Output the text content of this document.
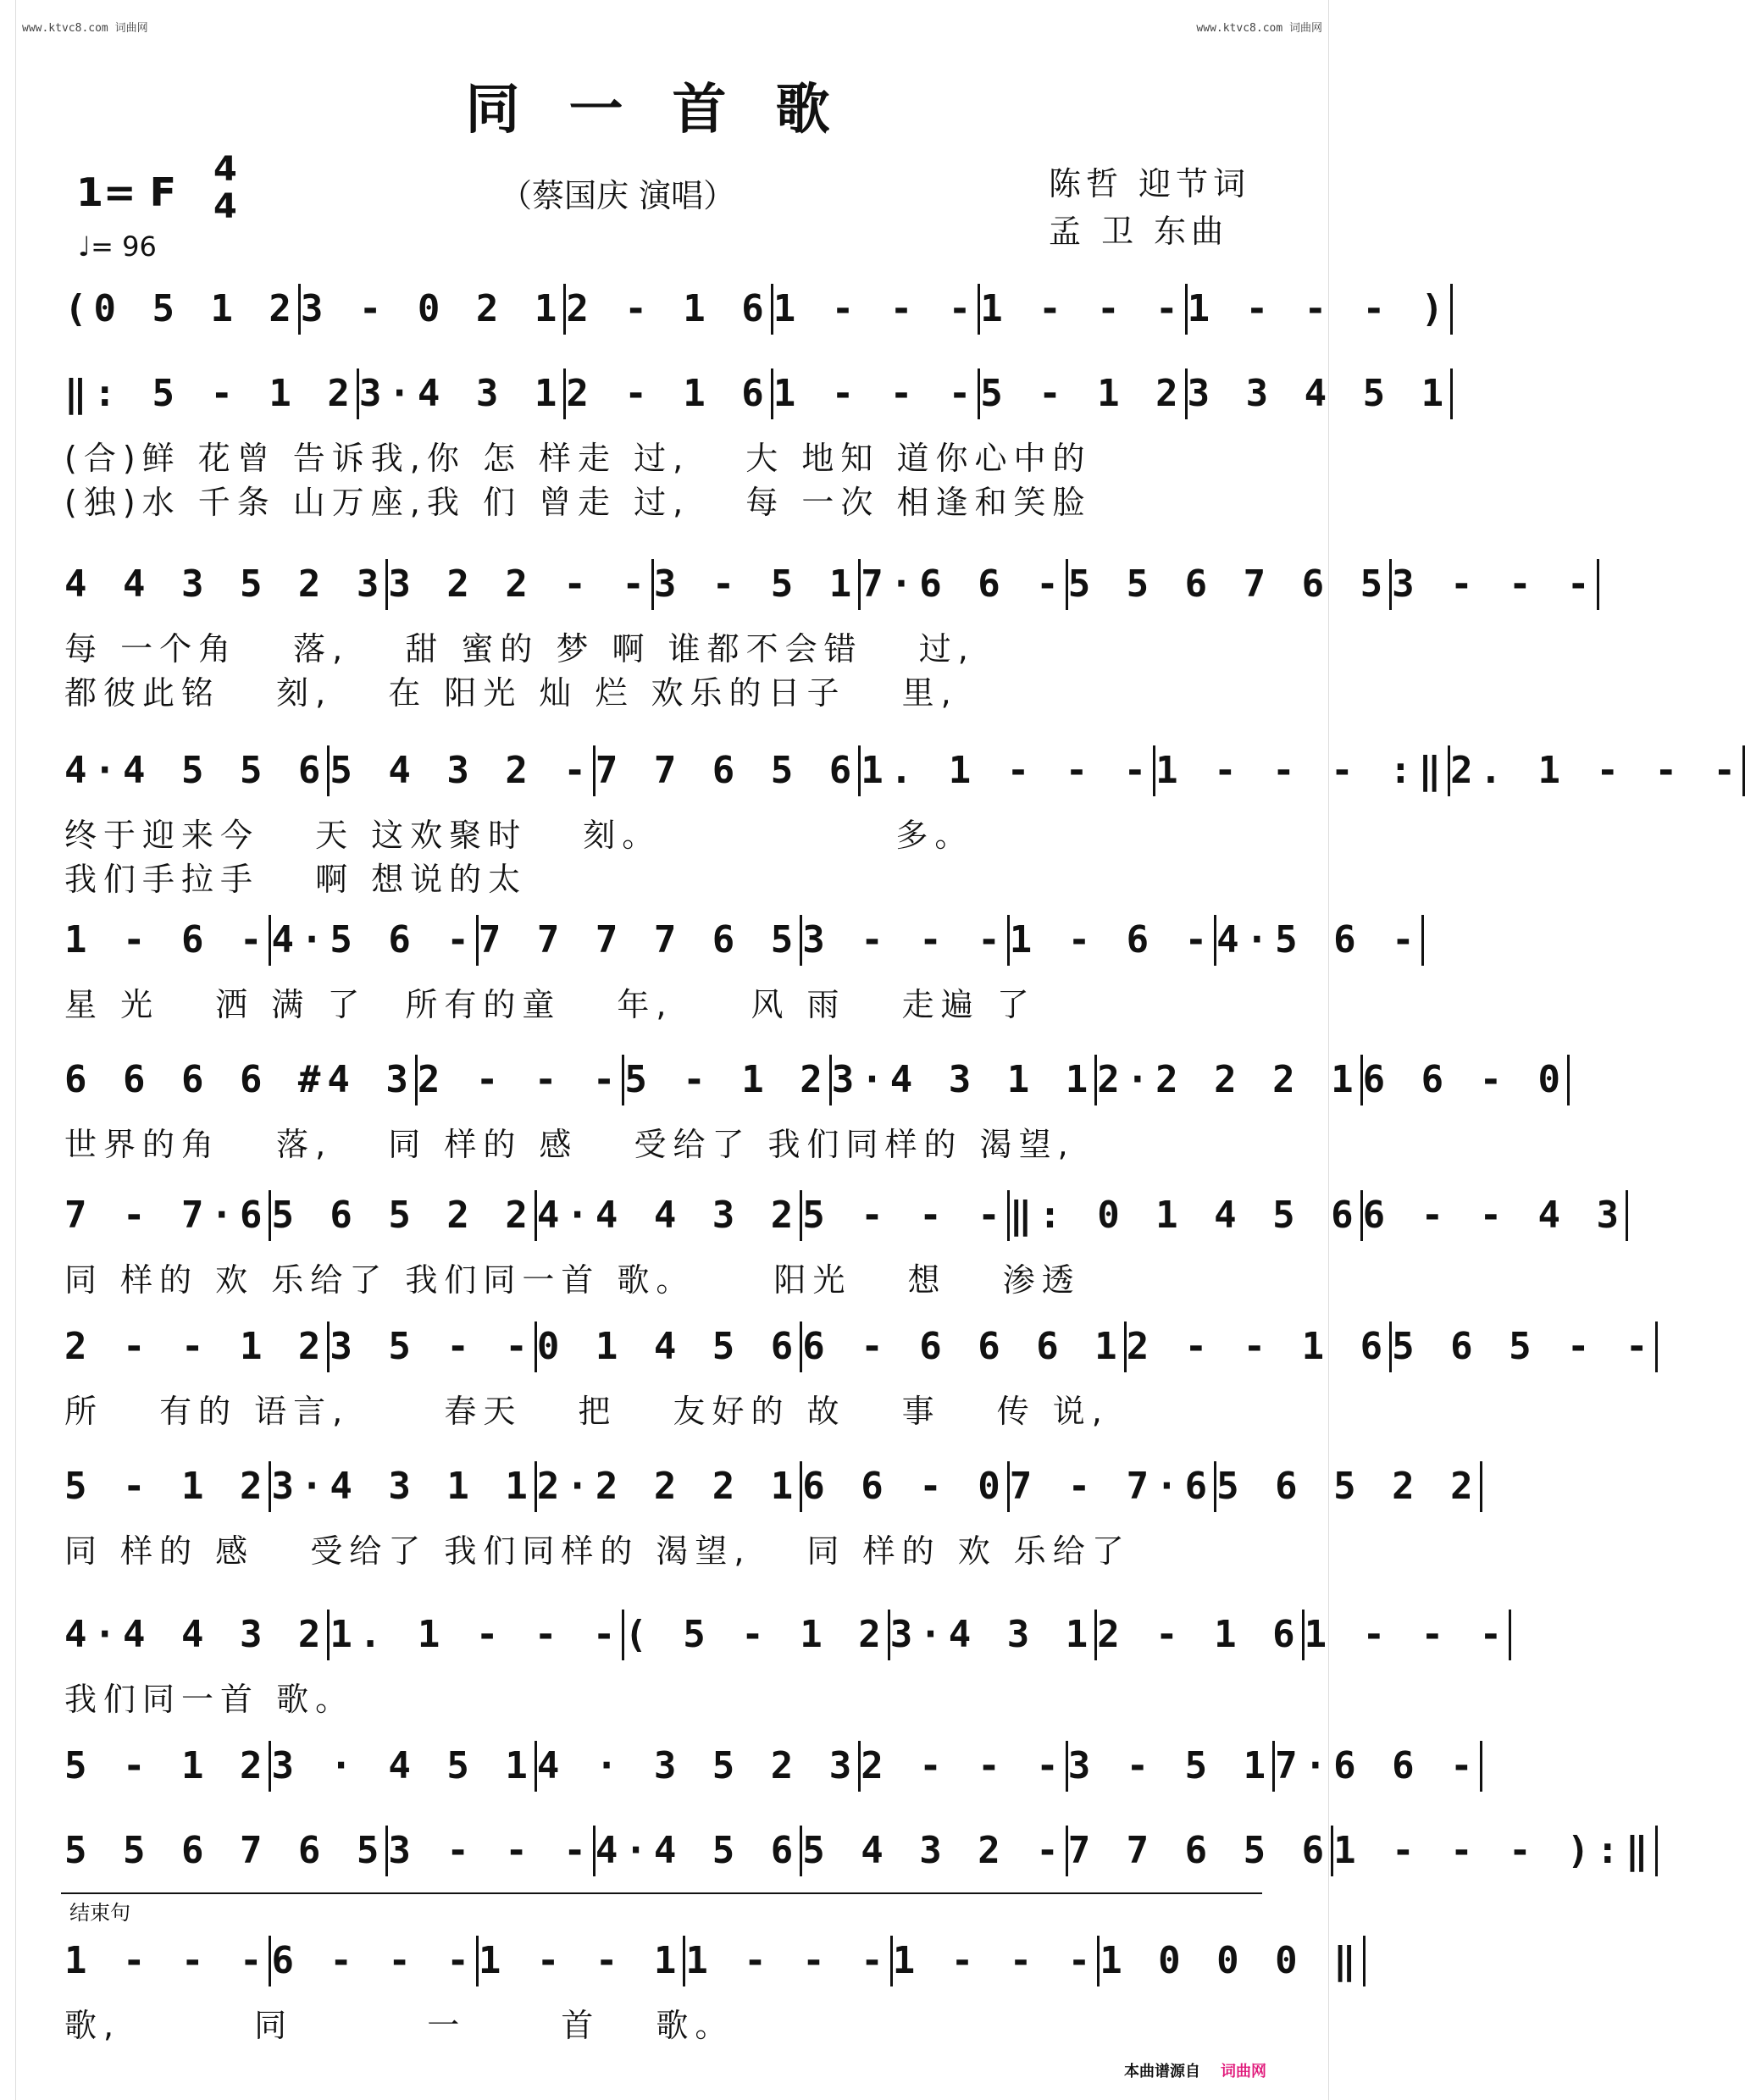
www.ktvc8.com 词曲网	www.ktvc8.com 词曲网
同一首歌
1= F 4
4
♩= 96
（蔡国庆 演唱）	陈哲 迎节词
孟 卫 东曲
(0 5 1 2 3 - 0 2 1 2 - 1 6 1 - - - 1 - - - 1 - - - )
‖: 5 - 1 2 3·4 3 1 2 - 1 6 1 - - - 5 - 1 2 3 3 4 5 1
(合)鲜 花曾 告诉我,你 怎 样走 过,　 大 地知 道你心中的
(独)水 千条 山万座,我 们 曾走 过,　 每 一次 相逢和笑脸
4 4 3 5 2 3 3 2 2 - - 3 - 5 1 7·6 6 - 5 5 6 7 6 5 3 - - -
每 一个角　 落,　 甜 蜜的 梦 啊 谁都不会错　 过,
都彼此铭　 刻,　 在 阳光 灿 烂 欢乐的日子　 里,
4·4 5 5 6 5 4 3 2 - 7 7 6 5 6 1. 1 - - - 1 - - - :‖ 2. 1 - - -
终于迎来今　 天 这欢聚时　 刻。　　　　　　 多。
我们手拉手　 啊 想说的太
1 - 6 - 4·5 6 - 7 7 7 7 6 5 3 - - - 1 - 6 - 4·5 6 -
星 光　 洒 满 了　所有的童　 年,　　风 雨　 走遍 了
6 6 6 6 #4 3 2 - - - 5 - 1 2 3·4 3 1 1 2·2 2 2 1 6 6 - 0
世界的角　 落,　 同 样的 感　 受给了 我们同样的 渴望,
7 - 7·6 5 6 5 2 2 4·4 4 3 2 5 - - - ‖: 0 1 4 5 6 6 - - 4 3
同 样的 欢 乐给了 我们同一首 歌。　　 阳光　 想　 渗透
2 - - 1 2 3 5 - - 0 1 4 5 6 6 - 6 6 6 1 2 - - 1 6 5 6 5 - -
所　 有的 语言,　　 春天　 把　 友好的 故　 事　 传 说,
5 - 1 2 3·4 3 1 1 2·2 2 2 1 6 6 - 0 7 - 7·6 5 6 5 2 2
同 样的 感　 受给了 我们同样的 渴望,　 同 样的 欢 乐给了
4·4 4 3 2 1. 1 - - - ( 5 - 1 2 3·4 3 1 2 - 1 6 1 - - -
我们同一首 歌。
5 - 1 2 3 · 4 5 1 4 · 3 5 2 3 2 - - - 3 - 5 1 7·6 6 -
5 5 6 7 6 5 3 - - - 4·4 5 6 5 4 3 2 - 7 7 6 5 6 1 - - - ):‖
1 - - - 6 - - - 1 - - 1 1 - - - 1 - - - 1 0 0 0 ‖
歌,　　　 同　　　 一　　 首　 歌。
结束句
本曲谱源自 词曲网
